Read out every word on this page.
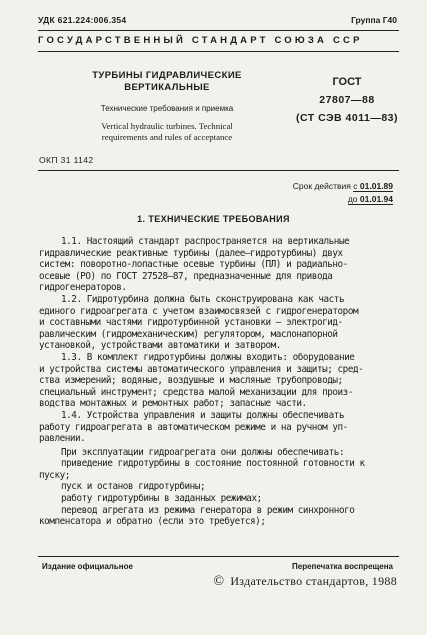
УДК 621.224:006.354	Группа Г40
ГОСУДАРСТВЕННЫЙ СТАНДАРТ СОЮЗА ССР
ТУРБИНЫ ГИДРАВЛИЧЕСКИЕ
ВЕРТИКАЛЬНЫЕ
Технические требования и приемка
Vertical hydraulic turbines. Technical
requirements and rules of acceptance
ГОСТ
27807—88
(СТ СЭВ 4011—83)
ОКП 31 1142
Срок действия с 01.01.89
до 01.01.94
1. ТЕХНИЧЕСКИЕ ТРЕБОВАНИЯ

1.1. Настоящий стандарт распространяется на вертикальные

гидравлические реактивные турбины (далее—гидротурбины) двух

систем: поворотно-лопастные осевые турбины (ПЛ) и радиально-

осевые (РО) по ГОСТ 27528—87, предназначенные для привода

гидрогенераторов.

1.2. Гидротурбина должна быть сконструирована как часть

единого гидроагрегата с учетом взаимосвязей с гидрогенератором

и составными частями гидротурбинной установки — электрогид-

равлическим (гидромеханическим) регулятором, маслонапорной

установкой, устройствами автоматики и затвором.

1.3. В комплект гидротурбины должны входить: оборудование

и устройства системы автоматического управления и защиты; сред-

ства измерений; водяные, воздушные и масляные трубопроводы;

специальный инструмент; средства малой механизации для произ-

водства монтажных и ремонтных работ; запасные части.

1.4. Устройства управления и защиты должны обеспечивать

работу гидроагрегата в автоматическом режиме и на ручном уп-

равлении.

При эксплуатации гидроагрегата они должны обеспечивать:

приведение гидротурбины в состояние постоянной готовности к

пуску;

пуск и останов гидротурбины;

работу гидротурбины в заданных режимах;

перевод агрегата из режима генератора в режим синхронного

компенсатора и обратно (если это требуется);

Издание официальное	Перепечатка воспрещена
© Издательство стандартов, 1988
